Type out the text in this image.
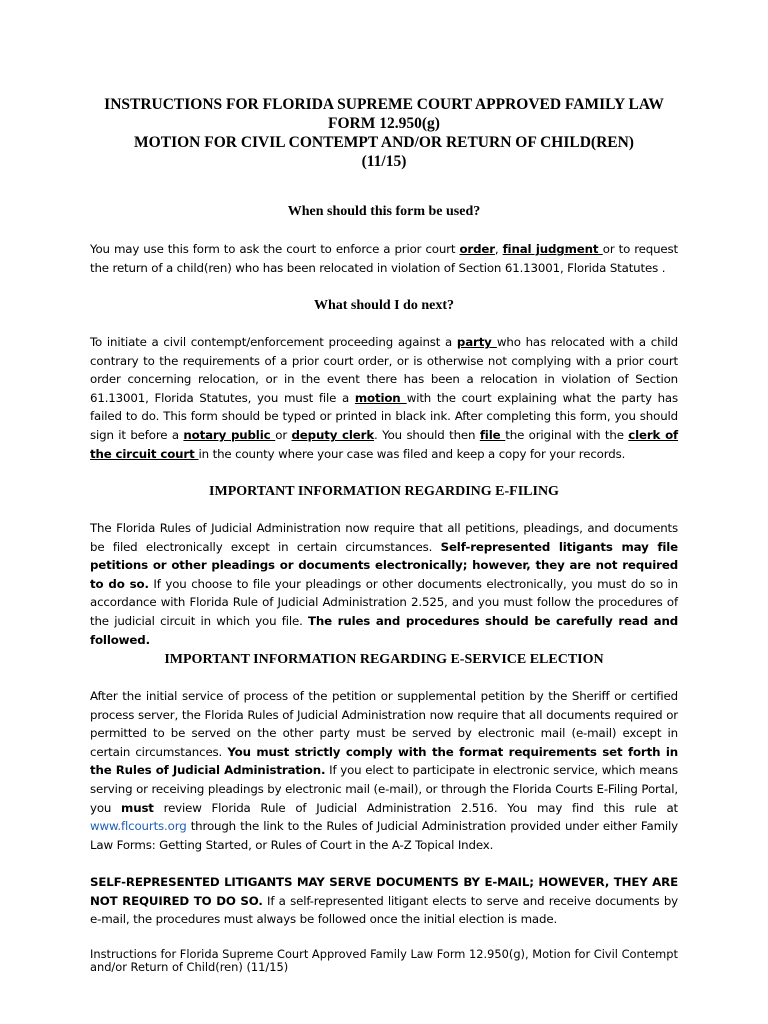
INSTRUCTIONS FOR FLORIDA SUPREME COURT APPROVED FAMILY LAW
FORM 12.950(g)
MOTION FOR CIVIL CONTEMPT AND/OR RETURN OF CHILD(REN)
(11/15)
When should this form be used?
You may use this form to ask the court to enforce a prior court order, final judgment or to request the return of a child(ren) who has been relocated in violation of Section 61.13001, Florida Statutes .
What should I do next?
To initiate a civil contempt/enforcement proceeding against a party who has relocated with a child contrary to the requirements of a prior court order, or is otherwise not complying with a prior court order concerning relocation, or in the event there has been a relocation in violation of Section 61.13001, Florida Statutes, you must file a motion with the court explaining what the party has failed to do. This form should be typed or printed in black ink. After completing this form, you should sign it before a notary public or deputy clerk. You should then file the original with the clerk of the circuit court in the county where your case was filed and keep a copy for your records.
IMPORTANT INFORMATION REGARDING E-FILING
The Florida Rules of Judicial Administration now require that all petitions, pleadings, and documents be filed electronically except in certain circumstances. Self-represented litigants may file petitions or other pleadings or documents electronically; however, they are not required to do so. If you choose to file your pleadings or other documents electronically, you must do so in accordance with Florida Rule of Judicial Administration 2.525, and you must follow the procedures of the judicial circuit in which you file. The rules and procedures should be carefully read and followed.
IMPORTANT INFORMATION REGARDING E-SERVICE ELECTION
After the initial service of process of the petition or supplemental petition by the Sheriff or certified process server, the Florida Rules of Judicial Administration now require that all documents required or permitted to be served on the other party must be served by electronic mail (e-mail) except in certain circumstances. You must strictly comply with the format requirements set forth in the Rules of Judicial Administration. If you elect to participate in electronic service, which means serving or receiving pleadings by electronic mail (e-mail), or through the Florida Courts E-Filing Portal, you must review Florida Rule of Judicial Administration 2.516. You may find this rule at www.flcourts.org through the link to the Rules of Judicial Administration provided under either Family Law Forms: Getting Started, or Rules of Court in the A-Z Topical Index.
SELF-REPRESENTED LITIGANTS MAY SERVE DOCUMENTS BY E-MAIL; HOWEVER, THEY ARE NOT REQUIRED TO DO SO. If a self-represented litigant elects to serve and receive documents by e-mail, the procedures must always be followed once the initial election is made.
Instructions for Florida Supreme Court Approved Family Law Form 12.950(g), Motion for Civil Contempt
and/or Return of Child(ren) (11/15)
